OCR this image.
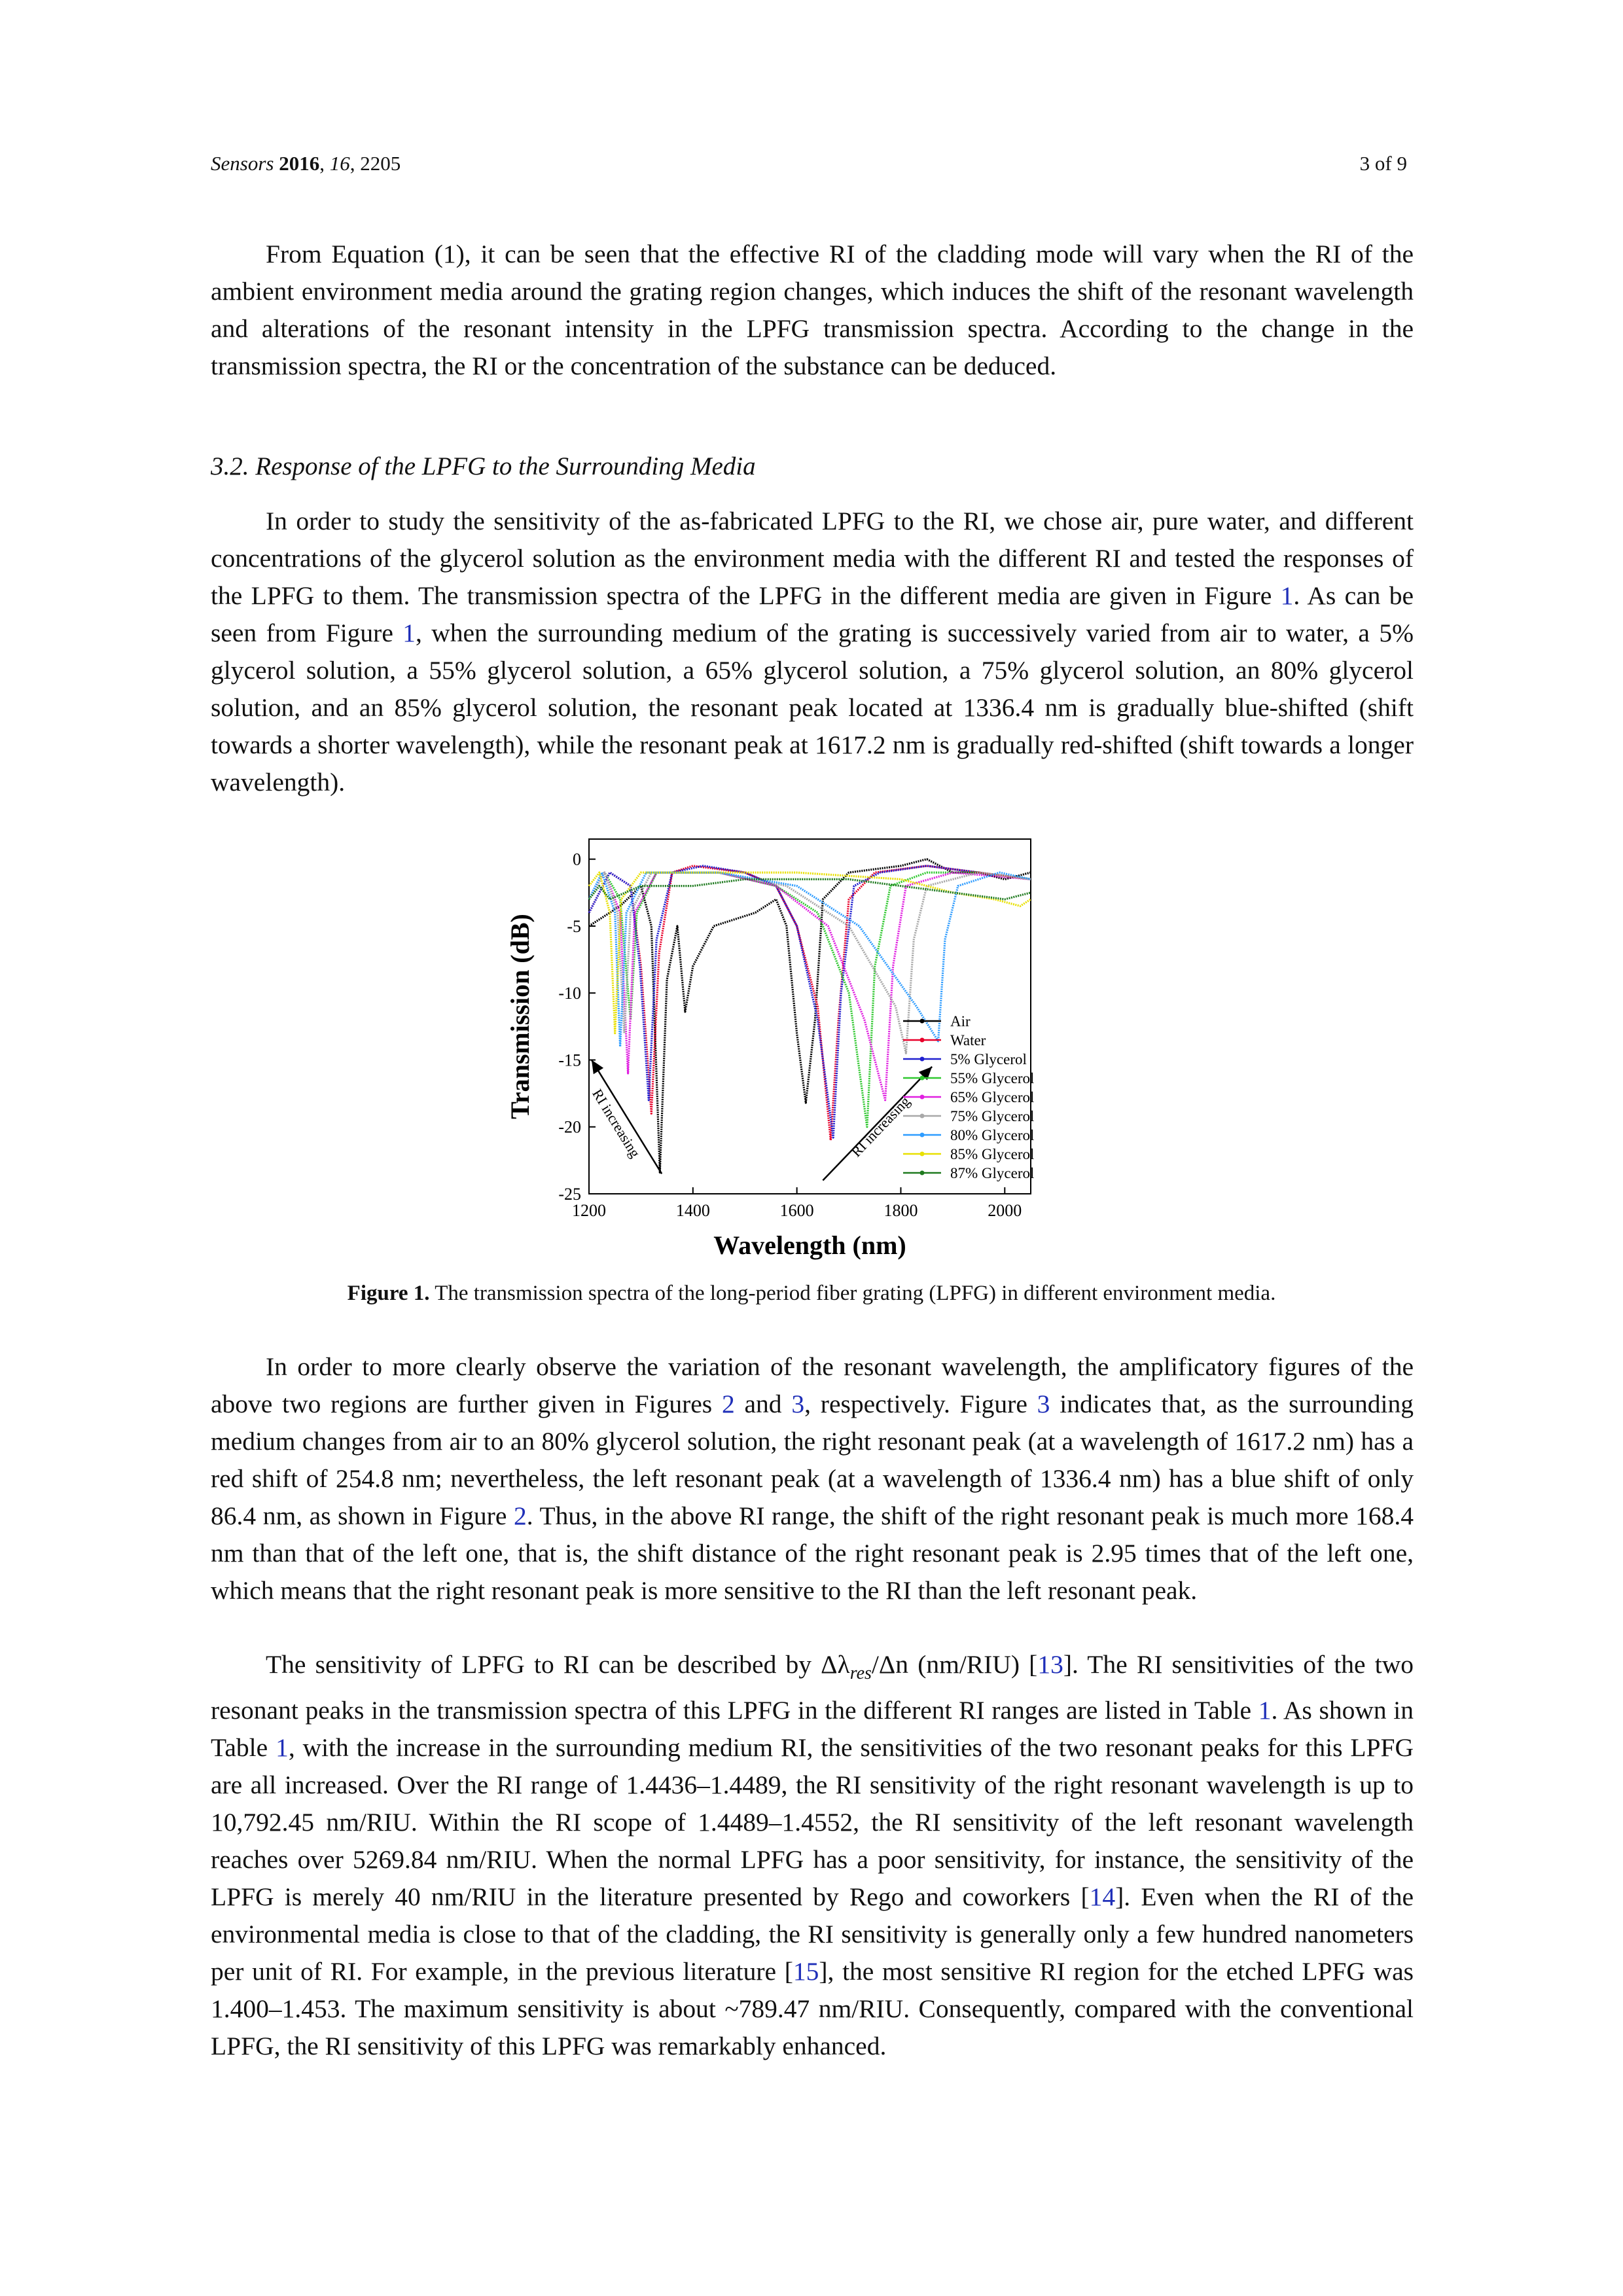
Sensors 2016, 16, 2205	3 of 9

From Equation (1), it can be seen that the effective RI of the cladding mode will vary when the RI of the ambient environment media around the grating region changes, which induces the shift of the resonant wavelength and alterations of the resonant intensity in the LPFG transmission spectra. According to the change in the transmission spectra, the RI or the concentration of the substance can be deduced.

3.2. Response of the LPFG to the Surrounding Media

In order to study the sensitivity of the as-fabricated LPFG to the RI, we chose air, pure water, and different concentrations of the glycerol solution as the environment media with the different RI and tested the responses of the LPFG to them. The transmission spectra of the LPFG in the different media are given in Figure 1. As can be seen from Figure 1, when the surrounding medium of the grating is successively varied from air to water, a 5% glycerol solution, a 55% glycerol solution, a 65% glycerol solution, a 75% glycerol solution, an 80% glycerol solution, and an 85% glycerol solution, the resonant peak located at 1336.4 nm is gradually blue-shifted (shift towards a shorter wavelength), while the resonant peak at 1617.2 nm is gradually red-shifted (shift towards a longer wavelength).

1200	1400	1600	1800	2000
0
-5
-10
-15
-20
-25
Wavelength (nm)
Transmission (dB)
RI increasing	RI increasing
Air
Water
5% Glycerol
55% Glycerol
65% Glycerol
75% Glycerol
80% Glycerol
85% Glycerol
87% Glycerol
Figure 1. The transmission spectra of the long-period fiber grating (LPFG) in different environment media.

In order to more clearly observe the variation of the resonant wavelength, the amplificatory figures of the above two regions are further given in Figures 2 and 3, respectively. Figure 3 indicates that, as the surrounding medium changes from air to an 80% glycerol solution, the right resonant peak (at a wavelength of 1617.2 nm) has a red shift of 254.8 nm; nevertheless, the left resonant peak (at a wavelength of 1336.4 nm) has a blue shift of only 86.4 nm, as shown in Figure 2. Thus, in the above RI range, the shift of the right resonant peak is much more 168.4 nm than that of the left one, that is, the shift distance of the right resonant peak is 2.95 times that of the left one, which means that the right resonant peak is more sensitive to the RI than the left resonant peak.

The sensitivity of LPFG to RI can be described by $\Delta\lambda_{res}/\Delta n$ (nm/RIU) [13]. The RI sensitivities of the two resonant peaks in the transmission spectra of this LPFG in the different RI ranges are listed in Table 1. As shown in Table 1, with the increase in the surrounding medium RI, the sensitivities of the two resonant peaks for this LPFG are all increased. Over the RI range of 1.4436–1.4489, the RI sensitivity of the right resonant wavelength is up to 10,792.45 nm/RIU. Within the RI scope of 1.4489–1.4552, the RI sensitivity of the left resonant wavelength reaches over 5269.84 nm/RIU. When the normal LPFG has a poor sensitivity, for instance, the sensitivity of the LPFG is merely 40 nm/RIU in the literature presented by Rego and coworkers [14]. Even when the RI of the environmental media is close to that of the cladding, the RI sensitivity is generally only a few hundred nanometers per unit of RI. For example, in the previous literature [15], the most sensitive RI region for the etched LPFG was 1.400–1.453. The maximum sensitivity is about ~789.47 nm/RIU. Consequently, compared with the conventional LPFG, the RI sensitivity of this LPFG was remarkably enhanced.
